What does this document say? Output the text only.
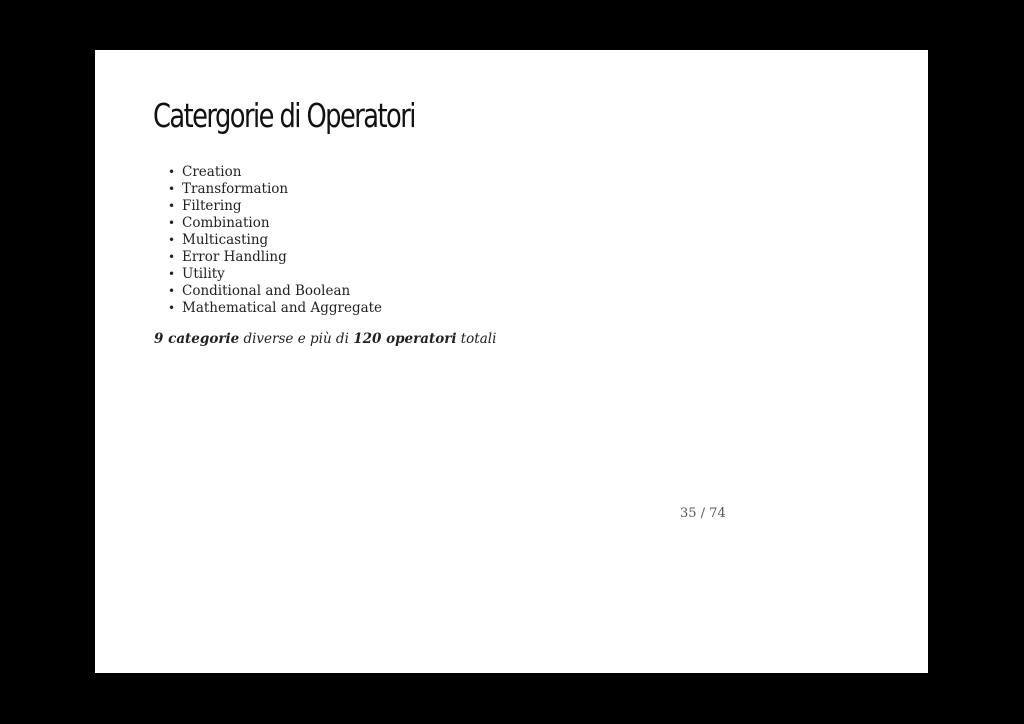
Catergorie di Operatori
• Creation
• Transformation
• Filtering
• Combination
• Multicasting
• Error Handling
• Utility
• Conditional and Boolean
• Mathematical and Aggregate

9 categorie diverse e più di 120 operatori totali

35 / 74
